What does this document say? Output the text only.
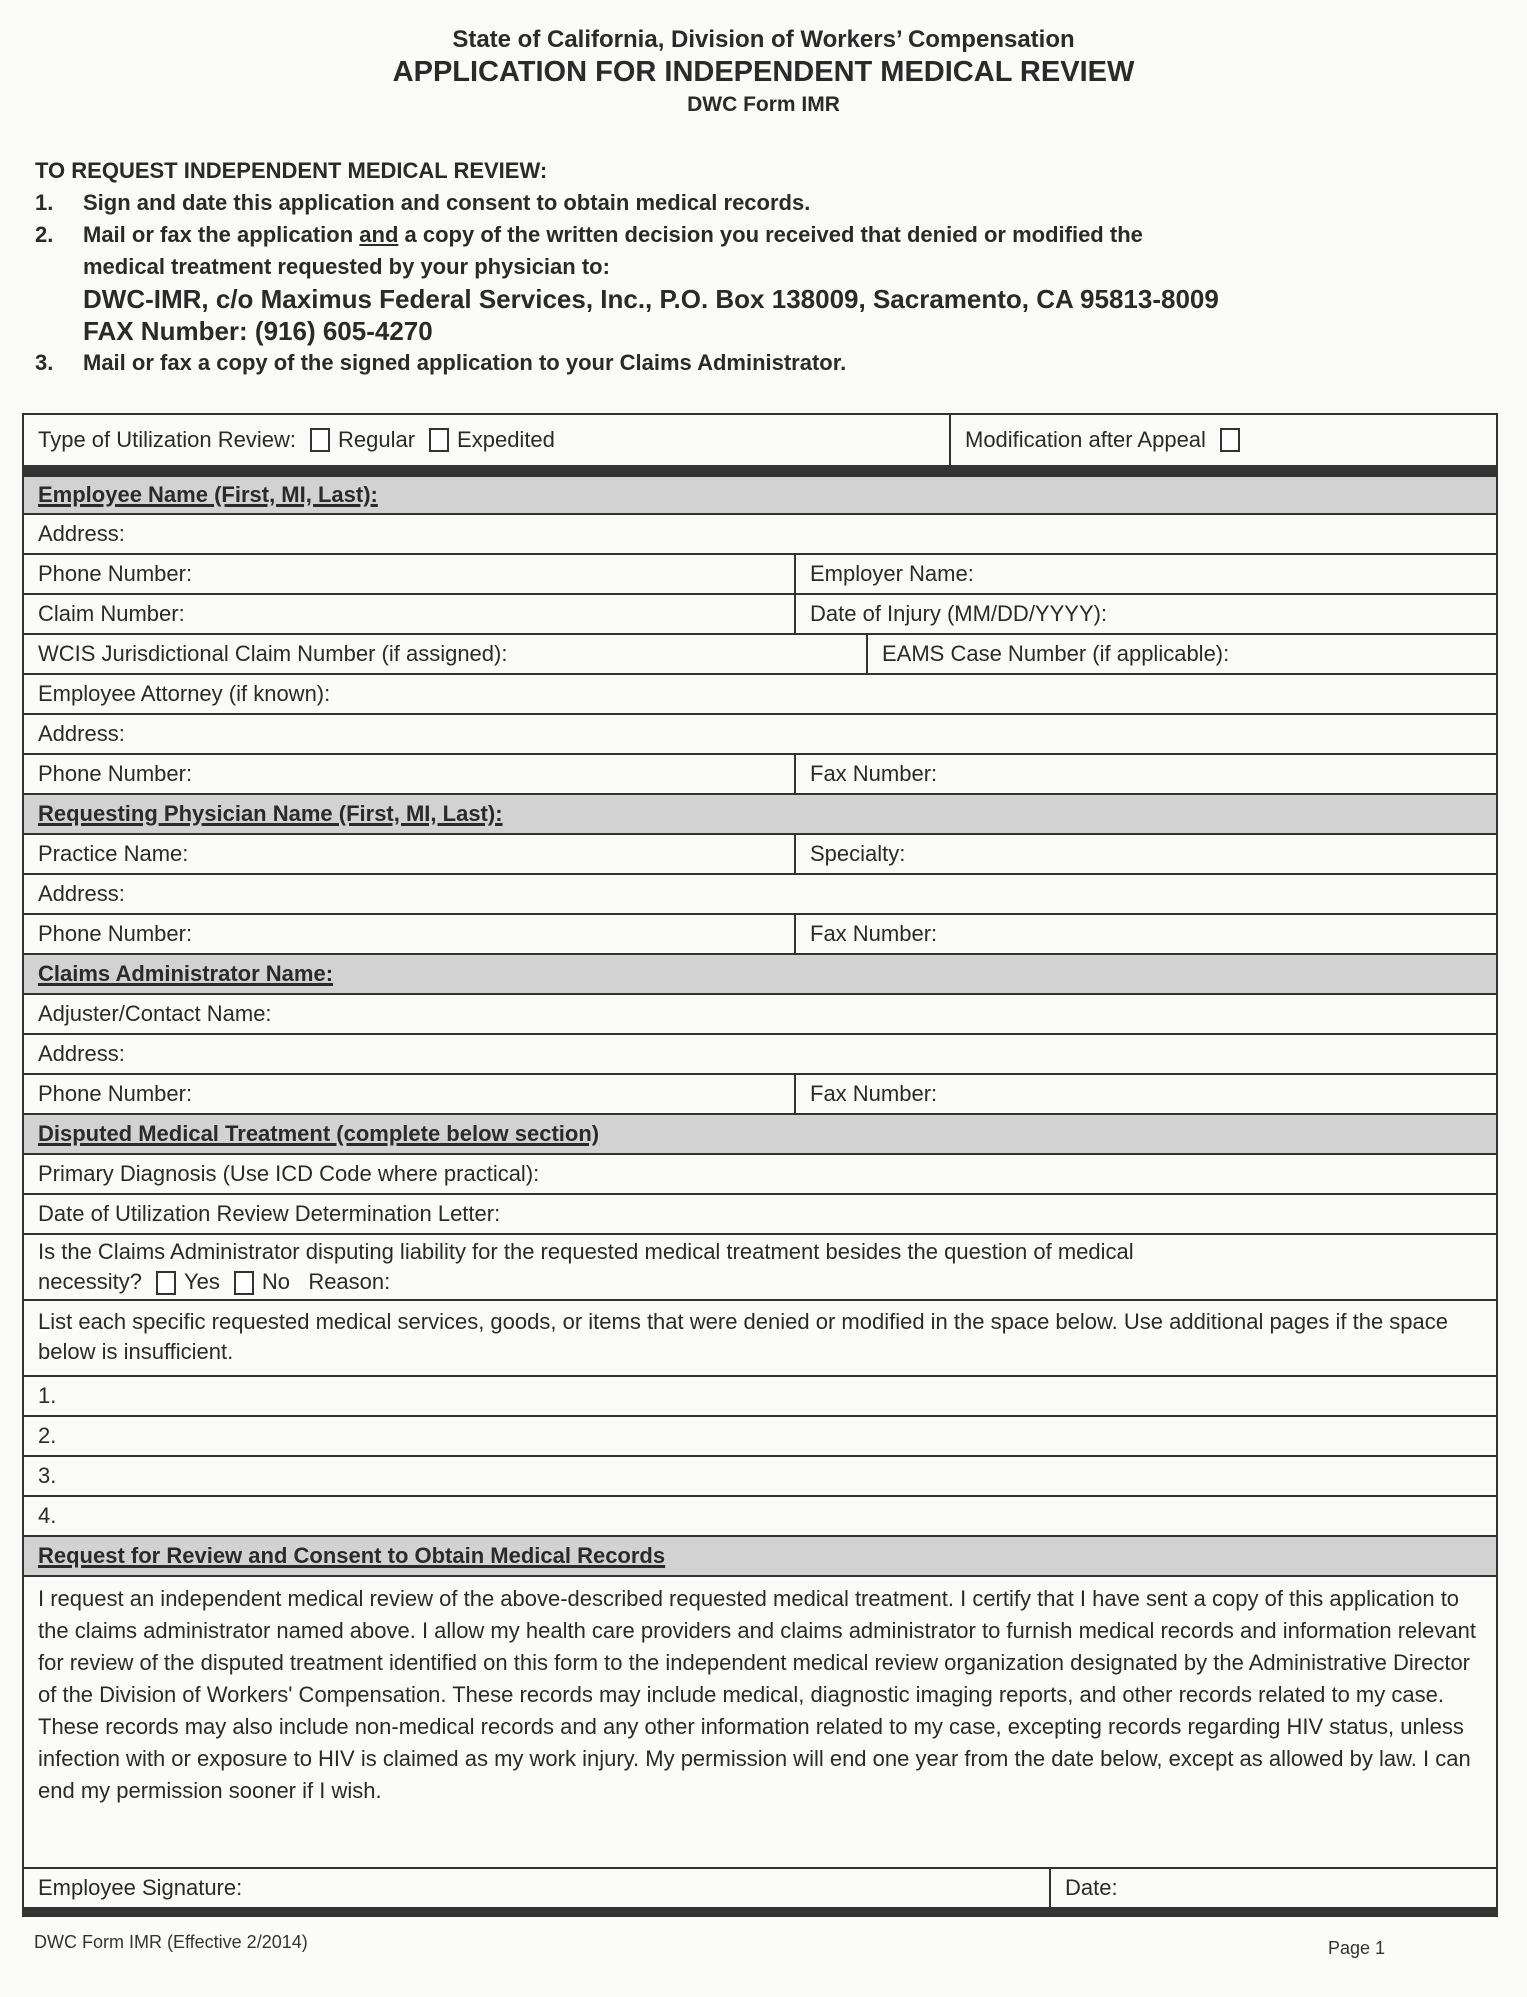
State of California, Division of Workers’ Compensation
APPLICATION FOR INDEPENDENT MEDICAL REVIEW
DWC Form IMR
TO REQUEST INDEPENDENT MEDICAL REVIEW:
1.	Sign and date this application and consent to obtain medical records.
2.	Mail or fax the application and a copy of the written decision you received that denied or modified the
medical treatment requested by your physician to:
DWC-IMR, c/o Maximus Federal Services, Inc., P.O. Box 138009, Sacramento, CA 95813-8009
FAX Number: (916) 605-4270
3.	Mail or fax a copy of the signed application to your Claims Administrator.
Type of Utilization Review: Regular Expedited	Modification after Appeal
Employee Name (First, MI, Last):
Address:
Phone Number:	Employer Name:
Claim Number:	Date of Injury (MM/DD/YYYY):
WCIS Jurisdictional Claim Number (if assigned):	EAMS Case Number (if applicable):
Employee Attorney (if known):
Address:
Phone Number:	Fax Number:
Requesting Physician Name (First, MI, Last):
Practice Name:	Specialty:
Address:
Phone Number:	Fax Number:
Claims Administrator Name:
Adjuster/Contact Name:
Address:
Phone Number:	Fax Number:
Disputed Medical Treatment (complete below section)
Primary Diagnosis (Use ICD Code where practical):
Date of Utilization Review Determination Letter:
Is the Claims Administrator disputing liability for the requested medical treatment besides the question of medical
necessity? Yes No Reason:
List each specific requested medical services, goods, or items that were denied or modified in the space below. Use additional pages if the space below is insufficient.
1.
2.
3.
4.
Request for Review and Consent to Obtain Medical Records
I request an independent medical review of the above-described requested medical treatment. I certify that I have sent a copy of this application to the claims administrator named above. I allow my health care providers and claims administrator to furnish medical records and information relevant for review of the disputed treatment identified on this form to the independent medical review organization designated by the Administrative Director of the Division of Workers' Compensation. These records may include medical, diagnostic imaging reports, and other records related to my case. These records may also include non-medical records and any other information related to my case, excepting records regarding HIV status, unless infection with or exposure to HIV is claimed as my work injury. My permission will end one year from the date below, except as allowed by law. I can end my permission sooner if I wish.
Employee Signature:	Date:
DWC Form IMR (Effective 2/2014)	Page 1
